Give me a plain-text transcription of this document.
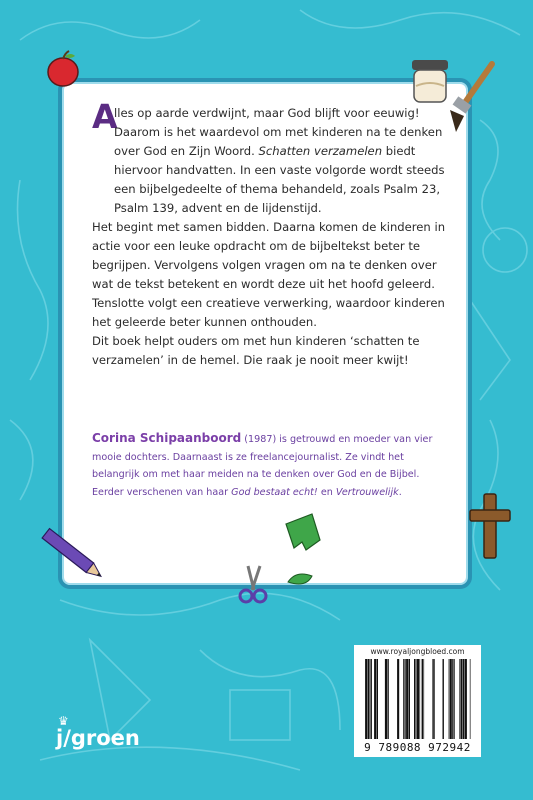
A

lles op aarde verdwijnt, maar God blijft voor eeuwig! Daarom is het waardevol om met kinderen na te denken over God en Zijn Woord. Schatten verzamelen biedt hiervoor handvatten. In een vaste volgorde wordt steeds een bijbelgedeelte of thema behandeld, zoals Psalm 23, Psalm 139, advent en de lijdenstijd.

Het begint met samen bidden. Daarna komen de kinderen in actie voor een leuke opdracht om de bijbeltekst beter te begrijpen. Vervolgens volgen vragen om na te denken over wat de tekst betekent en wordt deze uit het hoofd geleerd. Tenslotte volgt een creatieve verwerking, waardoor kinderen het geleerde beter kunnen onthouden.

Dit boek helpt ouders om met hun kinderen ‘schatten te verzamelen’ in de hemel. Die raak je nooit meer kwijt!

Corina Schipaanboord (1987) is getrouwd en moeder van vier mooie dochters. Daarnaast is ze freelancejournalist. Ze vindt het belangrijk om met haar meiden na te denken over God en de Bijbel. Eerder verschenen van haar God bestaat echt! en Vertrouwelijk.
♛
j/groen
www.royaljongbloed.com
9 789088 972942
